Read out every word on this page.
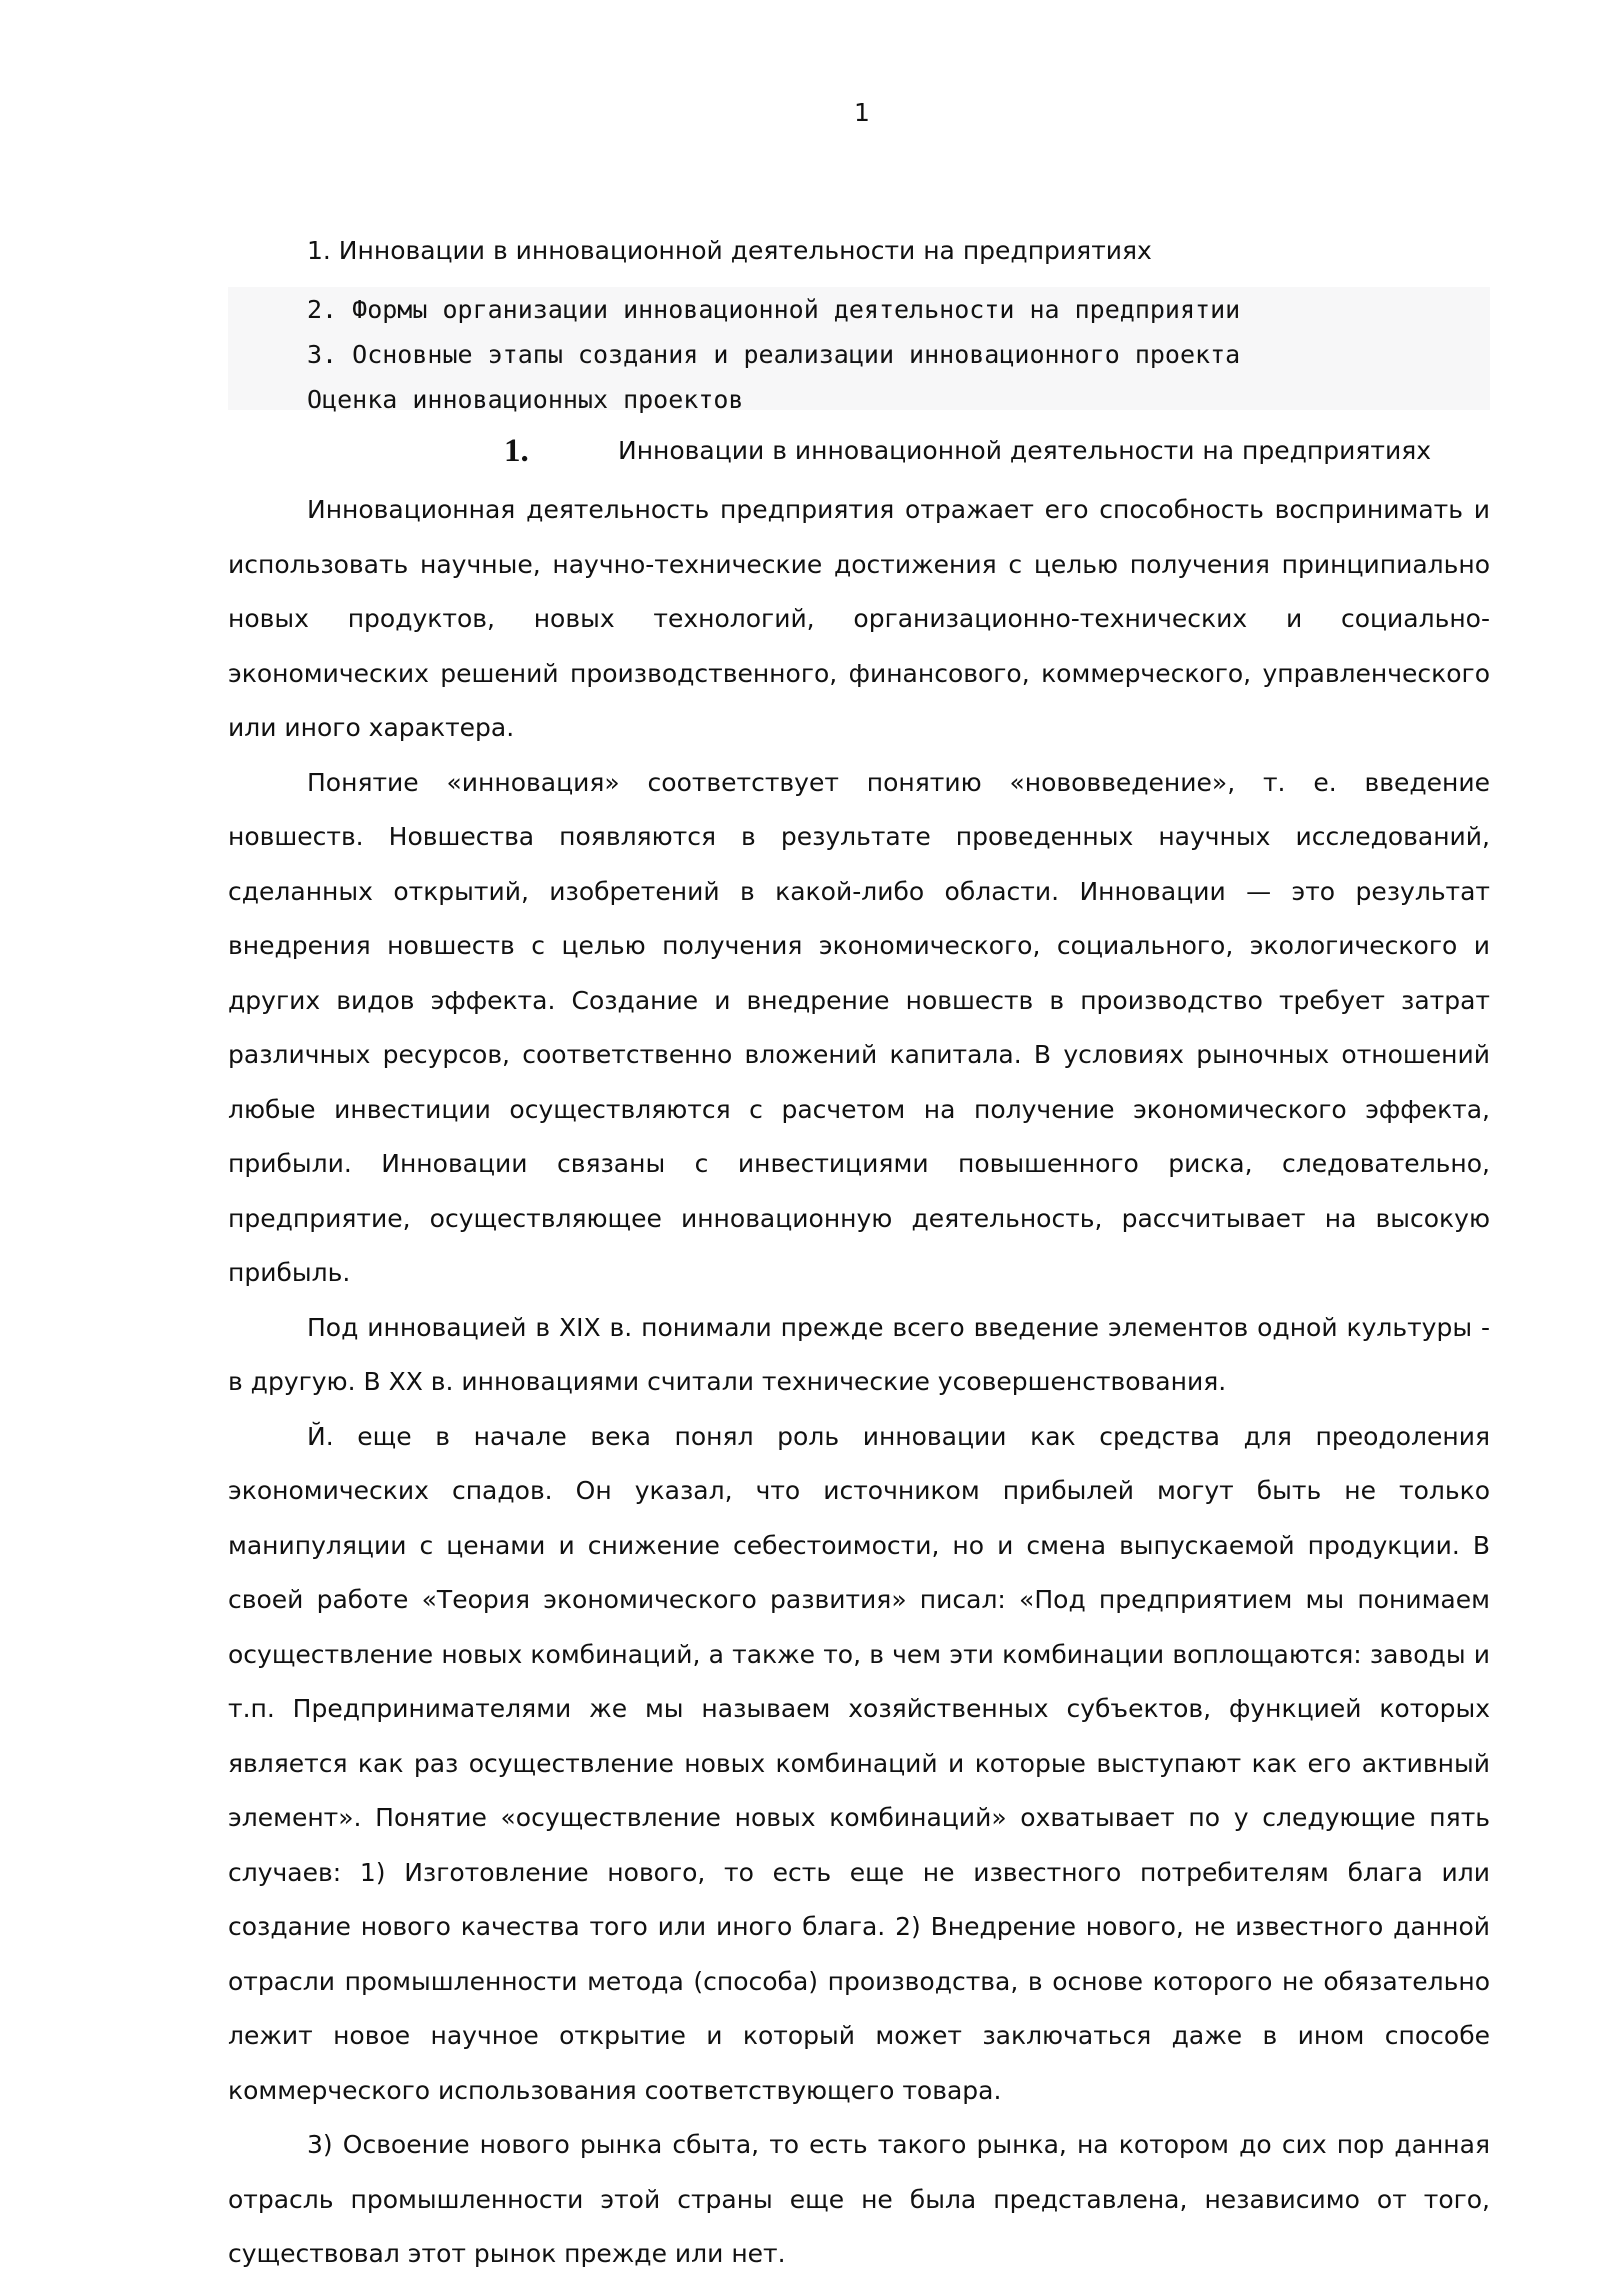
1
1. Инновации в инновационной деятельности на предприятиях
2. Формы организации инновационной деятельности на предприятии
3. Основные этапы создания и реализации инновационного проекта
Оценка инновационных проектов
1.	Инновации в инновационной деятельности на предприятиях

Инновационная деятельность предприятия отражает его способность воспринимать и использовать научные, научно-технические достижения с целью получения принципиально новых продуктов, новых технологий, организационно-технических и социально-экономических решений производственного, финансового, коммерческого, управленческого или иного характера.

Понятие «инновация» соответствует понятию «нововведение», т. е. введение новшеств. Новшества появляются в результате проведенных научных исследований, сделанных открытий, изобретений в какой-либо области. Инновации — это результат внедрения новшеств с целью получения экономического, социального, экологического и других видов эффекта. Создание и внедрение новшеств в производство требует затрат различных ресурсов, соответственно вложений капитала. В условиях рыночных отношений любые инвестиции осуществляются с расчетом на получение экономического эффекта, прибыли. Инновации связаны с инвестициями повышенного риска, следовательно, предприятие, осуществляющее инновационную деятельность, рассчитывает на высокую прибыль.

Под инновацией в XIX в. понимали прежде всего введение элементов одной культуры - в другую. В XX в. инновациями считали технические усовершенствования.

Й. еще в начале века понял роль инновации как средства для преодоления экономических спадов. Он указал, что источником прибылей могут быть не только манипуляции с ценами и снижение себестоимости, но и смена выпускаемой продукции. В своей работе «Теория экономического развития» писал: «Под предприятием мы понимаем осуществление новых комбинаций, а также то, в чем эти комбинации воплощаются: заводы и т.п. Предпринимателями же мы называем хозяйственных субъектов, функцией которых является как раз осуществление новых комбинаций и которые выступают как его активный элемент». Понятие «осуществление новых комбинаций» охватывает по у следующие пять случаев: 1) Изготовление нового, то есть еще не известного потребителям блага или создание нового качества того или иного блага. 2) Внедрение нового, не известного данной отрасли промышленности метода (способа) производства, в основе которого не обязательно лежит новое научное открытие и который может заключаться даже в ином способе коммерческого использования соответствующего товара.

3) Освоение нового рынка сбыта, то есть такого рынка, на котором до сих пор данная отрасль промышленности этой страны еще не была представлена, независимо от того, существовал этот рынок прежде или нет.
